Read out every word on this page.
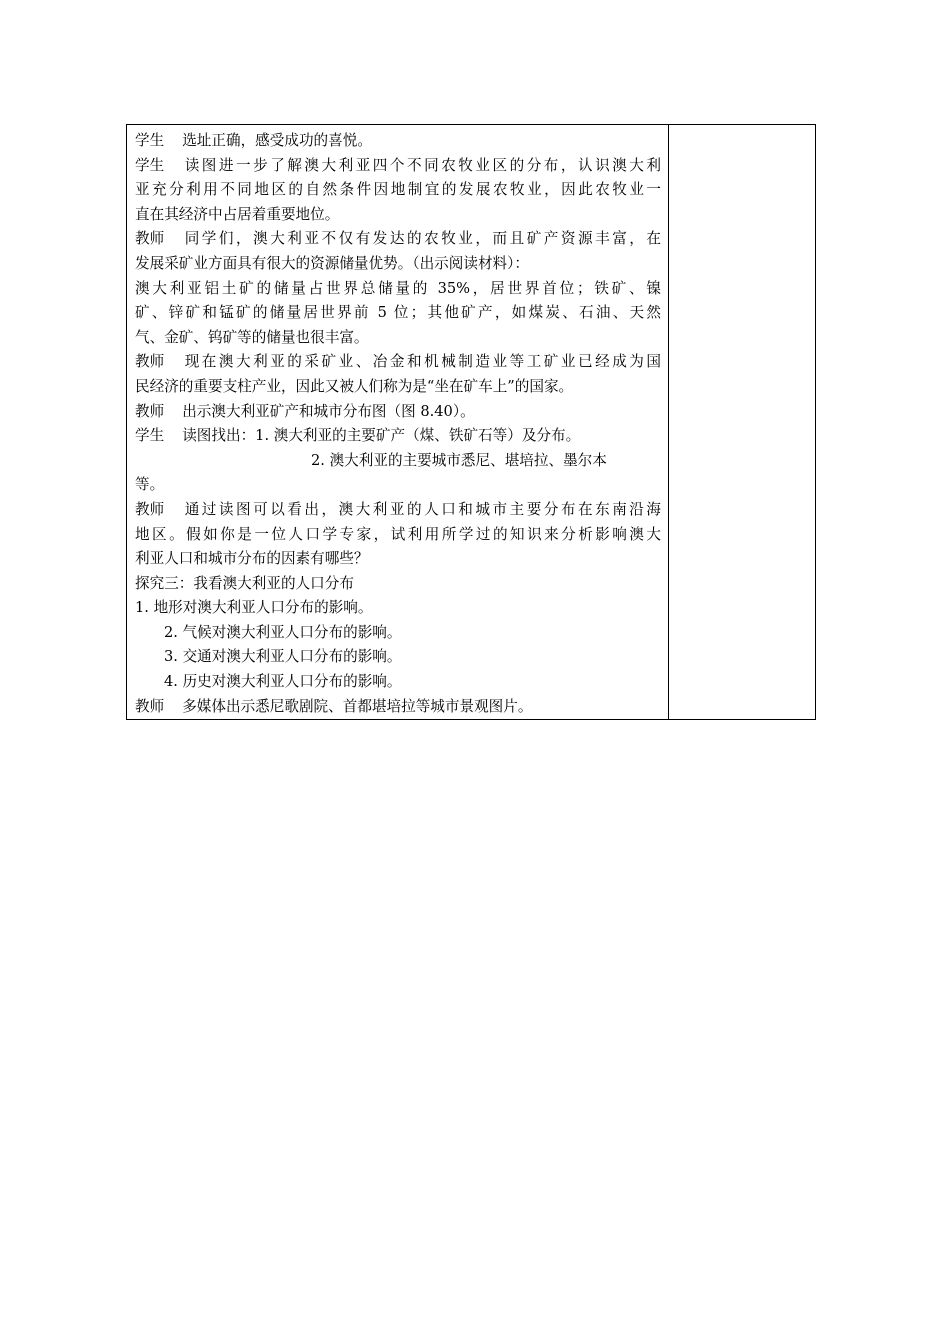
学生 选址正确，感受成功的喜悦。
学生 读图进一步了解澳大利亚四个不同农牧业区的分布，认识澳大利
亚充分利用不同地区的自然条件因地制宜的发展农牧业，因此农牧业一
直在其经济中占居着重要地位。
教师 同学们，澳大利亚不仅有发达的农牧业，而且矿产资源丰富，在
发展采矿业方面具有很大的资源储量优势。（出示阅读材料）：
澳大利亚铝土矿的储量占世界总储量的 35%，居世界首位；铁矿、镍
矿、锌矿和锰矿的储量居世界前 5 位；其他矿产，如煤炭、石油、天然
气、金矿、钨矿等的储量也很丰富。
教师 现在澳大利亚的采矿业、冶金和机械制造业等工矿业已经成为国
民经济的重要支柱产业，因此又被人们称为是“坐在矿车上”的国家。
教师 出示澳大利亚矿产和城市分布图（图 8.40）。
学生 读图找出：1. 澳大利亚的主要矿产（煤、铁矿石等）及分布。
2. 澳大利亚的主要城市悉尼、堪培拉、墨尔本
等。
教师 通过读图可以看出，澳大利亚的人口和城市主要分布在东南沿海
地区。假如你是一位人口学专家，试利用所学过的知识来分析影响澳大
利亚人口和城市分布的因素有哪些？
探究三：我看澳大利亚的人口分布
1. 地形对澳大利亚人口分布的影响。
2. 气候对澳大利亚人口分布的影响。
3. 交通对澳大利亚人口分布的影响。
4. 历史对澳大利亚人口分布的影响。
教师 多媒体出示悉尼歌剧院、首都堪培拉等城市景观图片。
